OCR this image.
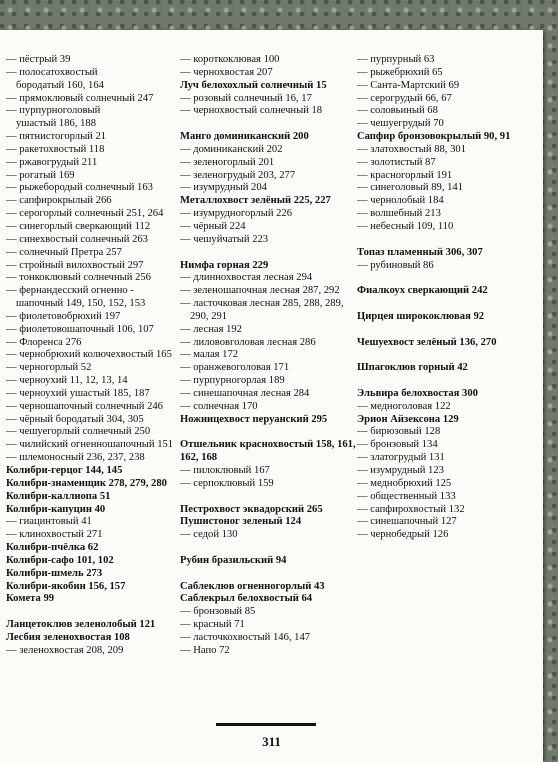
— пёстрый 39
— полосатохвостый
бородатый 160, 164
— прямоклювый солнечный 247
— пурпурноголовый
ушастый 186, 188
— пятнистогорлый 21
— ракетохвостый 118
— ржавогрудый 211
— рогатый 169
— рыжебородый солнечный 163
— сапфирокрылый 266
— серогорлый солнечный 251, 264
— синегорлый сверкающий 112
— синехвостый солнечный 263
— солнечный Претра 257
— стройный вилохвостый 297
— тонкоклювый солнечный 256
— фернандесский огненно -
шапочный 149, 150, 152, 153
— фиолетовобрюхий 197
— фиолетовошапочный 106, 107
— Флоренса 276
— чернобрюхий колючехвостый 165
— черногорлый 52
— черноухий 11, 12, 13, 14
— черноухий ушастый 185, 187
— черношапочный солнечный 246
— чёрный бородатый 304, 305
— чешуегорлый солнечный 250
— чилийский огненношапочный 151
— шлемоносный 236, 237, 238
Колибри-герцог 144, 145
Колибри-знаменщик 278, 279, 280
Колибри-каллиопа 51
Колибри-капуцин 40
— гиацинтовый 41
— клинохвостый 271
Колибри-пчёлка 62
Колибри-сафо 101, 102
Колибри-шмель 273
Колибри-якобин 156, 157
Комета 99
Ланцетоклюв зеленолобый 121
Лесбия зеленохвостая 108
— зеленохвостая 208, 209
— короткоклювая 100
— чернохвостая 207
Луч белохохлый солнечный 15
— розовый солнечный 16, 17
— чернохвостый солнечный 18
Манго доминиканский 200
— доминиканский 202
— зеленогорлый 201
— зеленогрудый 203, 277
— изумрудный 204
Металлохвост зелёный 225, 227
— изумрудногорлый 226
— чёрный 224
— чешуйчатый 223
Нимфа горная 229
— длиннохвостая лесная 294
— зеленошапочная лесная 287, 292
— ласточковая лесная 285, 288, 289,
290, 291
— лесная 192
— лилововголовая лесная 286
— малая 172
— оранжевоголовая 171
— пурпурногорлая 189
— синешапочная лесная 284
— солнечная 170
Ножницехвост перуанский 295
Отшельник краснохвостый 158, 161,
162, 168
— пилоклювый 167
— серпоклювый 159
Пестрохвост эквадорский 265
Пушистоног зеленый 124
— седой 130
Рубин бразильский 94
Саблеклюв огненногорлый 43
Саблекрыл белохвостый 64
— бронзовый 85
— красный 71
— ласточкохвостый 146, 147
— Напо 72
— пурпурный 63
— рыжебрюхий 65
— Санта-Мартский 69
— серогрудый 66, 67
— соловьиный 68
— чешуегрудый 70
Сапфир бронзовокрылый 90, 91
— златохвостый 88, 301
— золотистый 87
— красногорлый 191
— синеголовый 89, 141
— чернолобый 184
— волшебный 213
— небесный 109, 110
Топаз пламенный 306, 307
— рубиновый 86
Фиалкоух сверкающий 242
Цирцея ширококлювая 92
Чешуехвост зелёный 136, 270
Шпагоклюв горный 42
Эльвира белохвостая 300
— медноголовая 122
Эрион Айзексона 129
— бирюзовый 128
— бронзовый 134
— златогрудый 131
— изумрудный 123
— меднобрюхий 125
— общественный 133
— сапфирохвостый 132
— синешапочный 127
— чернобедрый 126
311
